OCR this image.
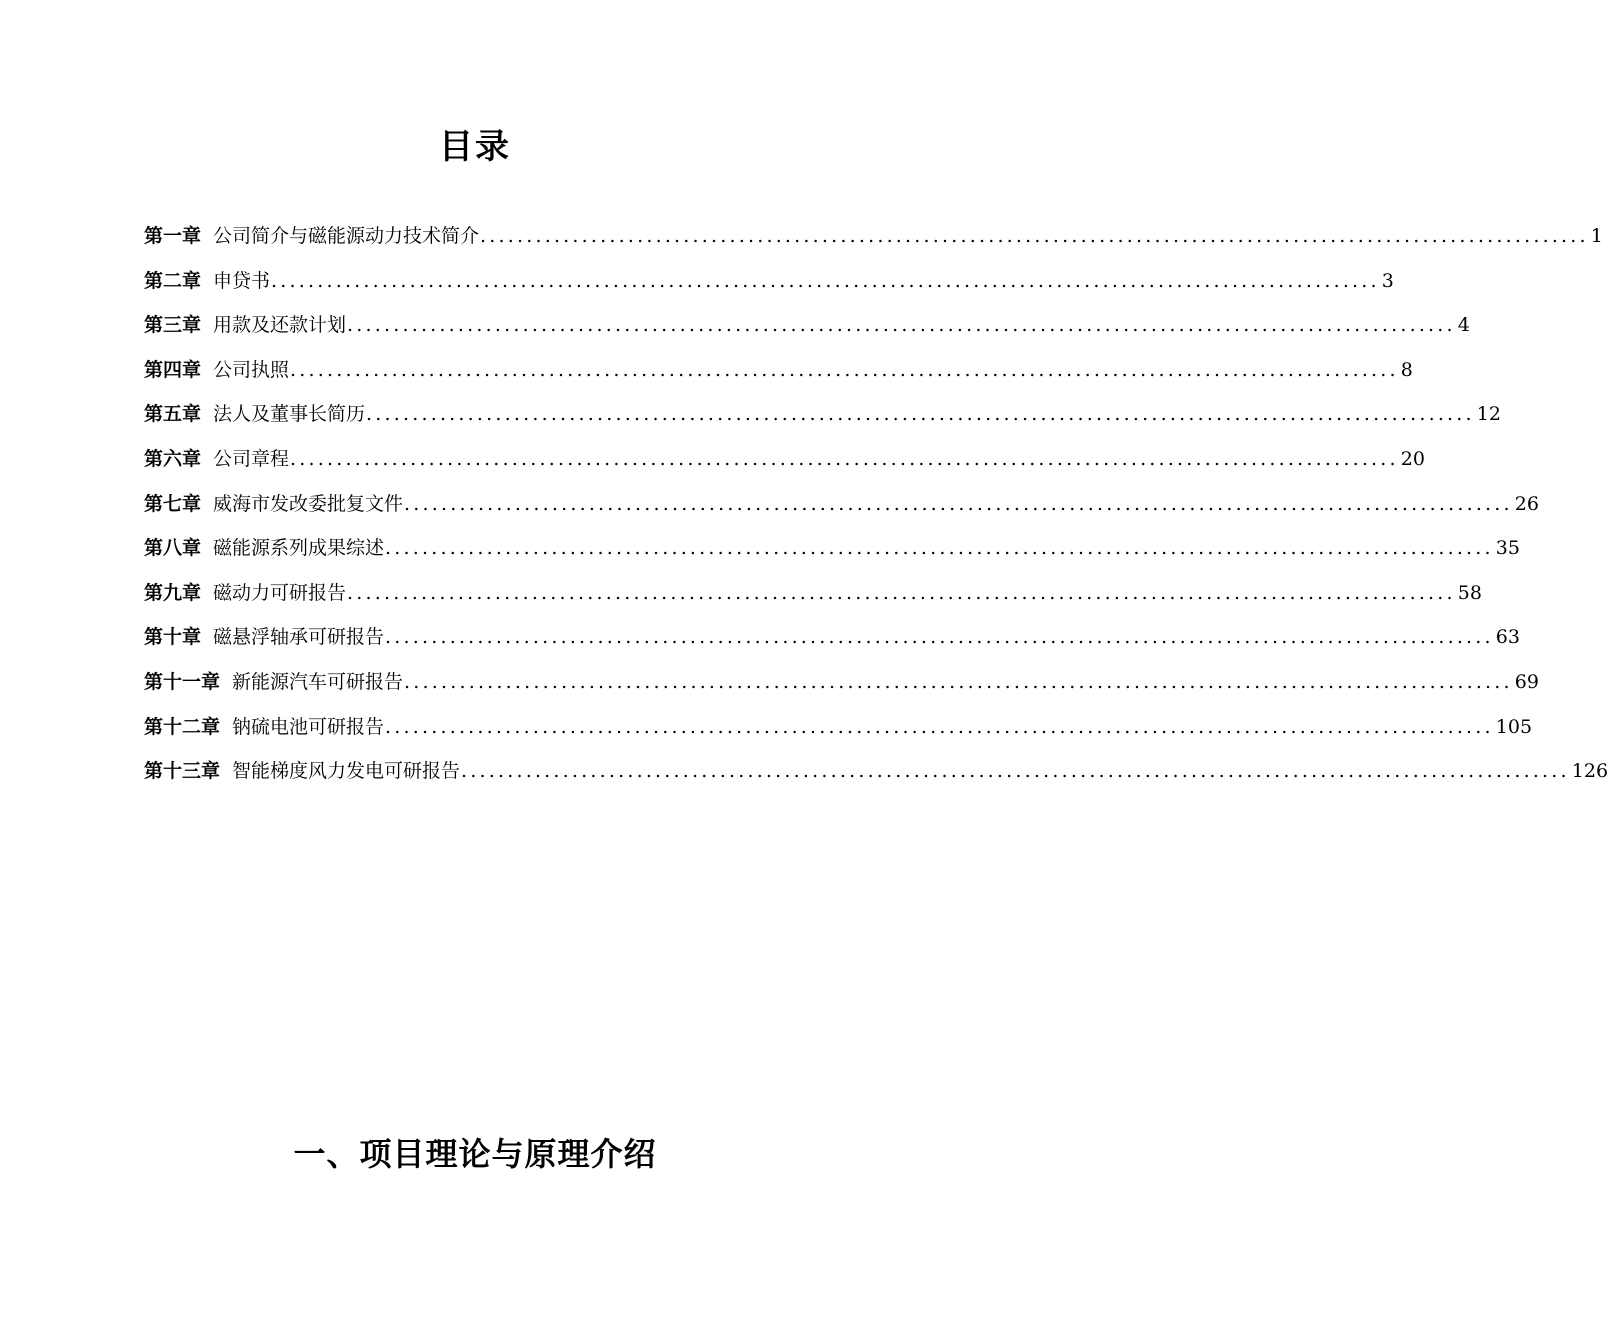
目录
第一章 公司简介与磁能源动力技术简介 ........................................................................................................................ 1
第二章 申贷书 ........................................................................................................................ 3
第三章 用款及还款计划 ........................................................................................................................ 4
第四章 公司执照 ........................................................................................................................ 8
第五章 法人及董事长简历 ........................................................................................................................ 12
第六章 公司章程 ........................................................................................................................ 20
第七章 威海市发改委批复文件 ........................................................................................................................ 26
第八章 磁能源系列成果综述 ........................................................................................................................ 35
第九章 磁动力可研报告 ........................................................................................................................ 58
第十章 磁悬浮轴承可研报告 ........................................................................................................................ 63
第十一章 新能源汽车可研报告 ........................................................................................................................ 69
第十二章 钠硫电池可研报告 ........................................................................................................................ 105
第十三章 智能梯度风力发电可研报告 ........................................................................................................................ 126
一、项目理论与原理介绍
